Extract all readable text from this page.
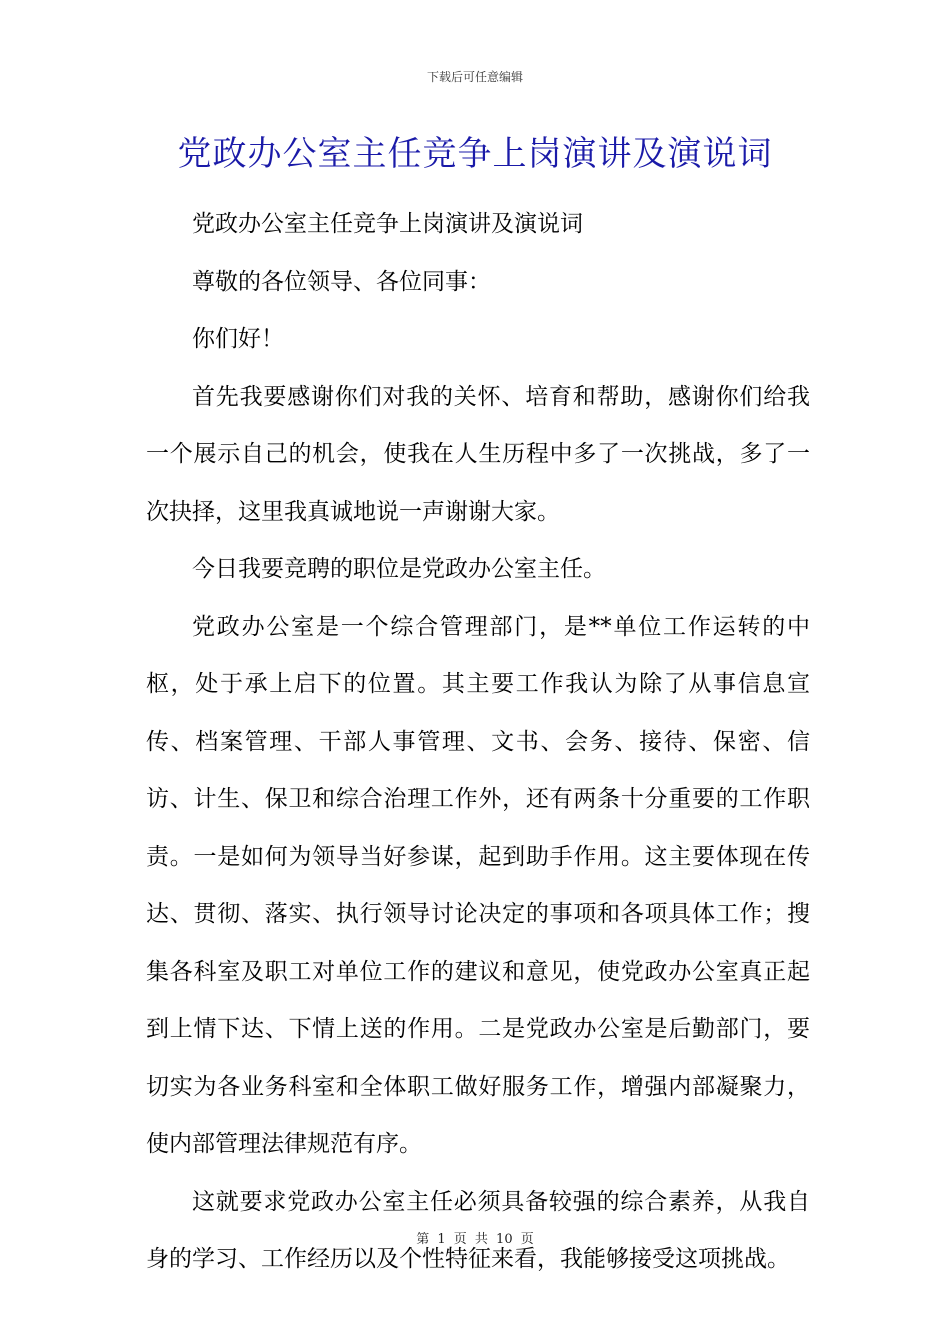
下载后可任意编辑
党政办公室主任竞争上岗演讲及演说词

党政办公室主任竞争上岗演讲及演说词

尊敬的各位领导、各位同事：

你们好！

首先我要感谢你们对我的关怀、培育和帮助，感谢你们给我一个展示自己的机会，使我在人生历程中多了一次挑战，多了一次抉择，这里我真诚地说一声谢谢大家。

今日我要竞聘的职位是党政办公室主任。

党政办公室是一个综合管理部门，是**单位工作运转的中枢，处于承上启下的位置。其主要工作我认为除了从事信息宣传、档案管理、干部人事管理、文书、会务、接待、保密、信访、计生、保卫和综合治理工作外，还有两条十分重要的工作职责。一是如何为领导当好参谋，起到助手作用。这主要体现在传达、贯彻、落实、执行领导讨论决定的事项和各项具体工作；搜集各科室及职工对单位工作的建议和意见，使党政办公室真正起到上情下达、下情上送的作用。二是党政办公室是后勤部门，要切实为各业务科室和全体职工做好服务工作，增强内部凝聚力，使内部管理法律规范有序。

这就要求党政办公室主任必须具备较强的综合素养，从我自身的学习、工作经历以及个性特征来看，我能够接受这项挑战。

第 1 页 共 10 页
